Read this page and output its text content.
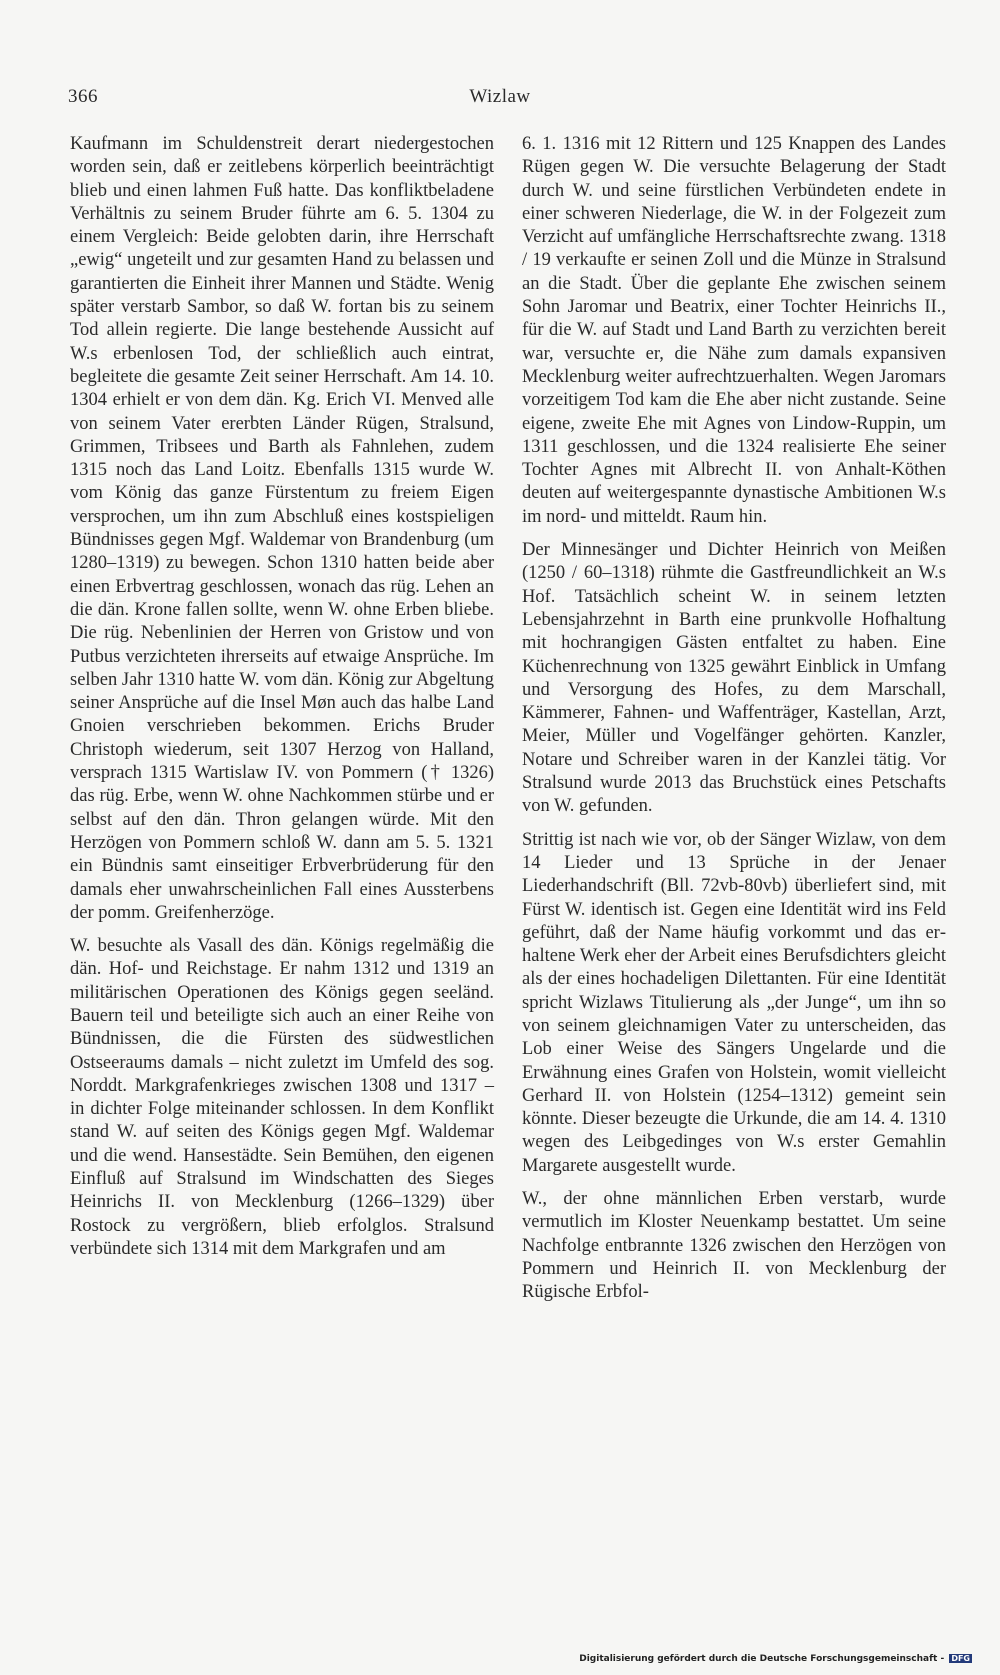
366	Wizlaw

Kaufmann im Schuldenstreit derart niedergestochen worden sein, daß er zeitlebens körperlich beeinträchtigt blieb und einen lahmen Fuß hatte. Das konfliktbeladene Verhältnis zu seinem Bruder führte am 6. 5. 1304 zu einem Vergleich: Beide gelobten darin, ihre Herrschaft „ewig“ ungeteilt und zur gesamten Hand zu belassen und garantierten die Einheit ihrer Mannen und Städte. Wenig später verstarb Sambor, so daß W. fortan bis zu seinem Tod allein regierte. Die lange bestehende Aussicht auf W.s erbenlosen Tod, der schließlich auch eintrat, begleitete die gesamte Zeit seiner Herrschaft. Am 14. 10. 1304 erhielt er von dem dän. Kg. Erich VI. Menved alle von seinem Vater ererbten Länder Rügen, Stralsund, Grimmen, Tribsees und Barth als Fahnlehen, zudem 1315 noch das Land Loitz. Ebenfalls 1315 wurde W. vom König das ganze Fürstentum zu freiem Eigen versprochen, um ihn zum Abschluß eines kostspieligen Bündnisses gegen Mgf. Waldemar von Brandenburg (um 1280–1319) zu bewegen. Schon 1310 hatten beide aber einen Erbvertrag geschlossen, wonach das rüg. Lehen an die dän. Krone fallen sollte, wenn W. ohne Erben bliebe. Die rüg. Nebenlinien der Herren von Gristow und von Putbus verzichteten ihrerseits auf etwaige Ansprüche. Im selben Jahr 1310 hatte W. vom dän. König zur Abgeltung seiner Ansprüche auf die Insel Møn auch das halbe Land Gnoien verschrieben bekommen. Erichs Bruder Christoph wiederum, seit 1307 Herzog von Halland, versprach 1315 Wartislaw IV. von Pommern († 1326) das rüg. Erbe, wenn W. ohne Nachkommen stürbe und er selbst auf den dän. Thron gelangen würde. Mit den Herzögen von Pommern schloß W. dann am 5. 5. 1321 ein Bündnis samt einseitiger Erbverbrüderung für den damals eher unwahrscheinlichen Fall eines Aussterbens der pomm. Greifenherzöge.

W. besuchte als Vasall des dän. Königs regelmäßig die dän. Hof- und Reichstage. Er nahm 1312 und 1319 an militärischen Operationen des Königs gegen seeländ. Bauern teil und beteiligte sich auch an einer Reihe von Bündnissen, die die Fürsten des südwestlichen Ostseeraums damals – nicht zuletzt im Umfeld des sog. Norddt. Markgrafenkrieges zwischen 1308 und 1317 – in dichter Folge miteinander schlossen. In dem Konflikt stand W. auf seiten des Königs gegen Mgf. Waldemar und die wend. Hansestädte. Sein Bemühen, den eigenen Einfluß auf Stralsund im Windschatten des Sieges Heinrichs II. von Mecklenburg (1266–1329) über Rostock zu vergrößern, blieb erfolglos. Stralsund verbündete sich 1314 mit dem Markgrafen und am

6. 1. 1316 mit 12 Rittern und 125 Knappen des Landes Rügen gegen W. Die versuchte Belagerung der Stadt durch W. und seine fürstlichen Verbündeten endete in einer schweren Niederlage, die W. in der Folgezeit zum Verzicht auf umfängliche Herrschaftsrechte zwang. 1318 / 19 verkaufte er seinen Zoll und die Münze in Stralsund an die Stadt. Über die geplante Ehe zwischen seinem Sohn Jaromar und Beatrix, einer Tochter Heinrichs II., für die W. auf Stadt und Land Barth zu verzichten bereit war, versuchte er, die Nähe zum damals expansiven Mecklenburg weiter aufrechtzuerhalten. Wegen Jaromars vorzeitigem Tod kam die Ehe aber nicht zustande. Seine eigene, zweite Ehe mit Agnes von Lindow-Ruppin, um 1311 geschlossen, und die 1324 realisierte Ehe seiner Tochter Agnes mit Albrecht II. von Anhalt-Köthen deuten auf weitergespannte dynastische Ambitionen W.s im nord- und mitteldt. Raum hin.

Der Minnesänger und Dichter Heinrich von Meißen (1250 / 60–1318) rühmte die Gastfreundlichkeit an W.s Hof. Tatsächlich scheint W. in seinem letzten Lebensjahrzehnt in Barth eine prunkvolle Hofhaltung mit hochrangigen Gästen entfaltet zu haben. Eine Küchenrechnung von 1325 gewährt Einblick in Umfang und Versorgung des Hofes, zu dem Marschall, Kämmerer, Fahnen- und Waffenträger, Kastellan, Arzt, Meier, Müller und Vogelfänger gehörten. Kanzler, Notare und Schreiber waren in der Kanzlei tätig. Vor Stralsund wurde 2013 das Bruchstück eines Petschafts von W. gefunden.

Strittig ist nach wie vor, ob der Sänger Wizlaw, von dem 14 Lieder und 13 Sprüche in der Jenaer Liederhandschrift (Bll. 72vb-80vb) überliefert sind, mit Fürst W. identisch ist. Gegen eine Identität wird ins Feld geführt, daß der Name häufig vorkommt und das erhaltene Werk eher der Arbeit eines Berufsdichters gleicht als der eines hochadeligen Dilettanten. Für eine Identität spricht Wizlaws Titulierung als „der Junge“, um ihn so von seinem gleichnamigen Vater zu unterscheiden, das Lob einer Weise des Sängers Ungelarde und die Erwähnung eines Grafen von Holstein, womit vielleicht Gerhard II. von Holstein (1254–1312) gemeint sein könnte. Dieser bezeugte die Urkunde, die am 14. 4. 1310 wegen des Leibgedinges von W.s erster Gemahlin Margarete ausgestellt wurde.

W., der ohne männlichen Erben verstarb, wurde vermutlich im Kloster Neuenkamp bestattet. Um seine Nachfolge entbrannte 1326 zwischen den Herzögen von Pommern und Heinrich II. von Mecklenburg der Rügische Erbfol-

Digitalisierung gefördert durch die Deutsche Forschungsgemeinschaft - DFG
